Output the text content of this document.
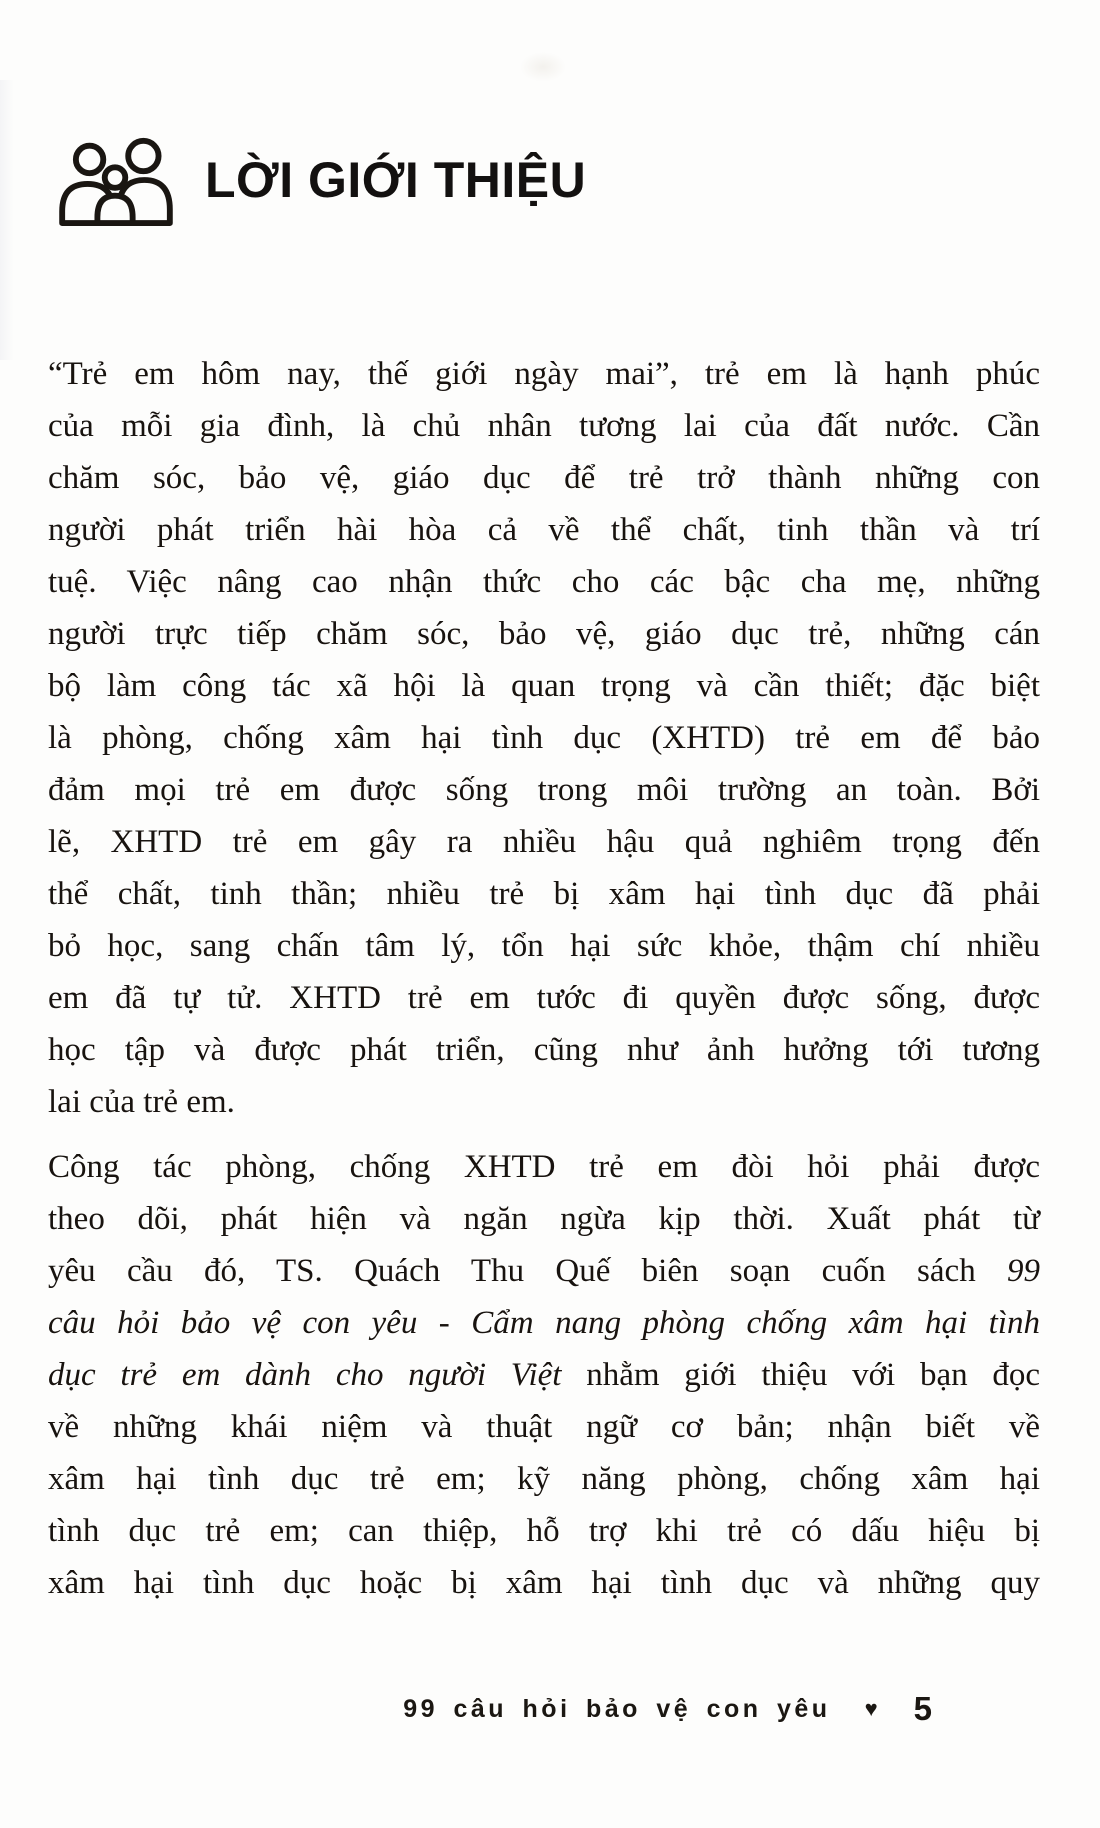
LỜI GIỚI THIỆU
“Trẻ em hôm nay, thế giới ngày mai”, trẻ em là hạnh phúc
của mỗi gia đình, là chủ nhân tương lai của đất nước. Cần
chăm sóc, bảo vệ, giáo dục để trẻ trở thành những con
người phát triển hài hòa cả về thể chất, tinh thần và trí
tuệ. Việc nâng cao nhận thức cho các bậc cha mẹ, những
người trực tiếp chăm sóc, bảo vệ, giáo dục trẻ, những cán
bộ làm công tác xã hội là quan trọng và cần thiết; đặc biệt
là phòng, chống xâm hại tình dục (XHTD) trẻ em để bảo
đảm mọi trẻ em được sống trong môi trường an toàn. Bởi
lẽ, XHTD trẻ em gây ra nhiều hậu quả nghiêm trọng đến
thể chất, tinh thần; nhiều trẻ bị xâm hại tình dục đã phải
bỏ học, sang chấn tâm lý, tổn hại sức khỏe, thậm chí nhiều
em đã tự tử. XHTD trẻ em tước đi quyền được sống, được
học tập và được phát triển, cũng như ảnh hưởng tới tương
lai của trẻ em.
Công tác phòng, chống XHTD trẻ em đòi hỏi phải được
theo dõi, phát hiện và ngăn ngừa kịp thời. Xuất phát từ
yêu cầu đó, TS. Quách Thu Quế biên soạn cuốn sách 99
câu hỏi bảo vệ con yêu - Cẩm nang phòng chống xâm hại tình
dục trẻ em dành cho người Việt nhằm giới thiệu với bạn đọc
về những khái niệm và thuật ngữ cơ bản; nhận biết về
xâm hại tình dục trẻ em; kỹ năng phòng, chống xâm hại
tình dục trẻ em; can thiệp, hỗ trợ khi trẻ có dấu hiệu bị
xâm hại tình dục hoặc bị xâm hại tình dục và những quy
99 câu hỏi bảo vệ con yêu ♥ 5
